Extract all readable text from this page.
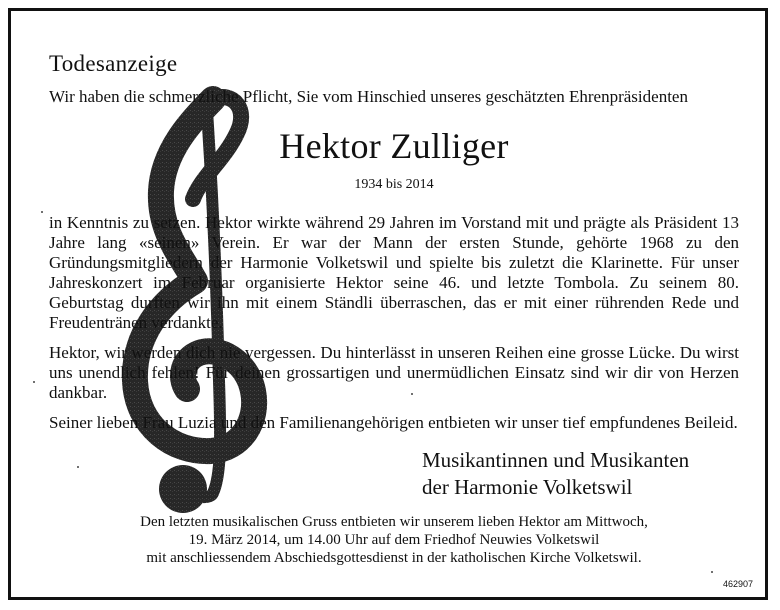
Todesanzeige
Wir haben die schmerzliche Pflicht, Sie vom Hinschied unseres geschätzten Ehrenpräsidenten
Hektor Zulliger
1934 bis 2014

in Kenntnis zu setzen. Hektor wirkte während 29 Jahren im Vorstand mit und prägte als Präsident 13 Jahre lang «seinen» Verein. Er war der Mann der ersten Stunde, gehörte 1968 zu den Gründungsmitgliedern der Harmonie Volketswil und spielte bis zuletzt die Klarinette. Für unser Jahreskonzert im Februar organisierte Hektor seine 46. und letzte Tombola. Zu seinem 80. Geburtstag durften wir ihn mit einem Ständli überraschen, das er mit einer rührenden Rede und Freudentränen verdankte.

Hektor, wir werden dich nie vergessen. Du hinterlässt in unseren Reihen eine grosse Lücke. Du wirst uns unendlich fehlen! Für deinen grossartigen und unermüdlichen Einsatz sind wir dir von Herzen dankbar.

Seiner lieben Frau Luzia und den Familienangehörigen entbieten wir unser tief empfundenes Beileid.

Musikantinnen und Musikanten
der Harmonie Volketswil
Den letzten musikalischen Gruss entbieten wir unserem lieben Hektor am Mittwoch,
19. März 2014, um 14.00 Uhr auf dem Friedhof Neuwies Volketswil
mit anschliessendem Abschiedsgottesdienst in der katholischen Kirche Volketswil.
462907
